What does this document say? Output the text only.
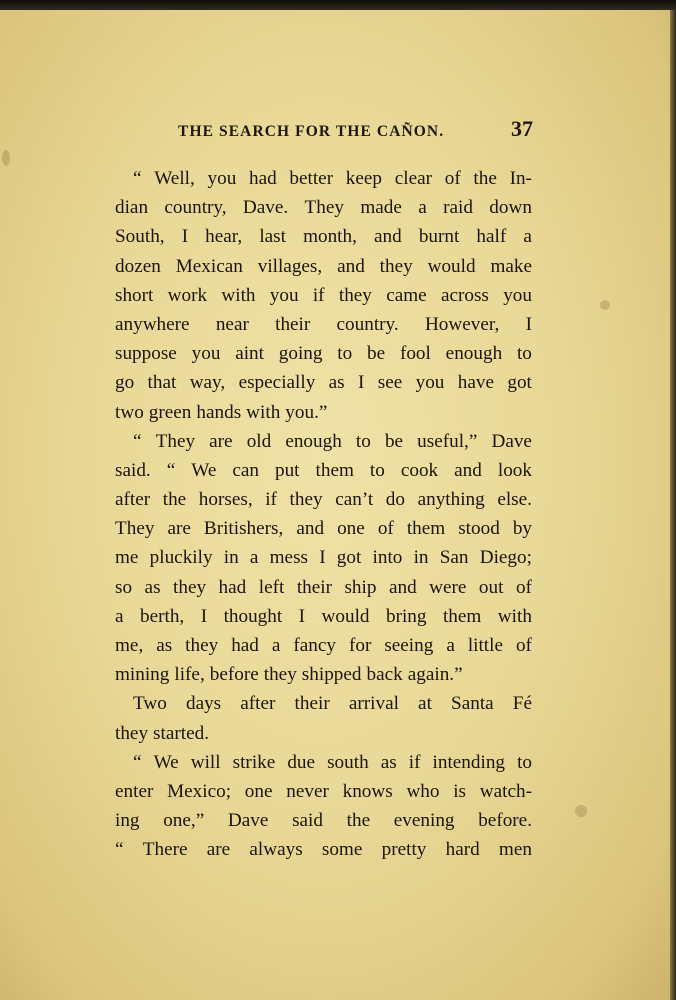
THE SEARCH FOR THE CAÑON.	37
“ Well, you had better keep clear of the In-
dian country, Dave. They made a raid down
South, I hear, last month, and burnt half a
dozen Mexican villages, and they would make
short work with you if they came across you
anywhere near their country. However, I
suppose you aint going to be fool enough to
go that way, especially as I see you have got
two green hands with you.”
“ They are old enough to be useful,” Dave
said. “ We can put them to cook and look
after the horses, if they can’t do anything else.
They are Britishers, and one of them stood by
me pluckily in a mess I got into in San Diego;
so as they had left their ship and were out of
a berth, I thought I would bring them with
me, as they had a fancy for seeing a little of
mining life, before they shipped back again.”
Two days after their arrival at Santa Fé
they started.
“ We will strike due south as if intending to
enter Mexico; one never knows who is watch-
ing one,” Dave said the evening before.
“ There are always some pretty hard men
